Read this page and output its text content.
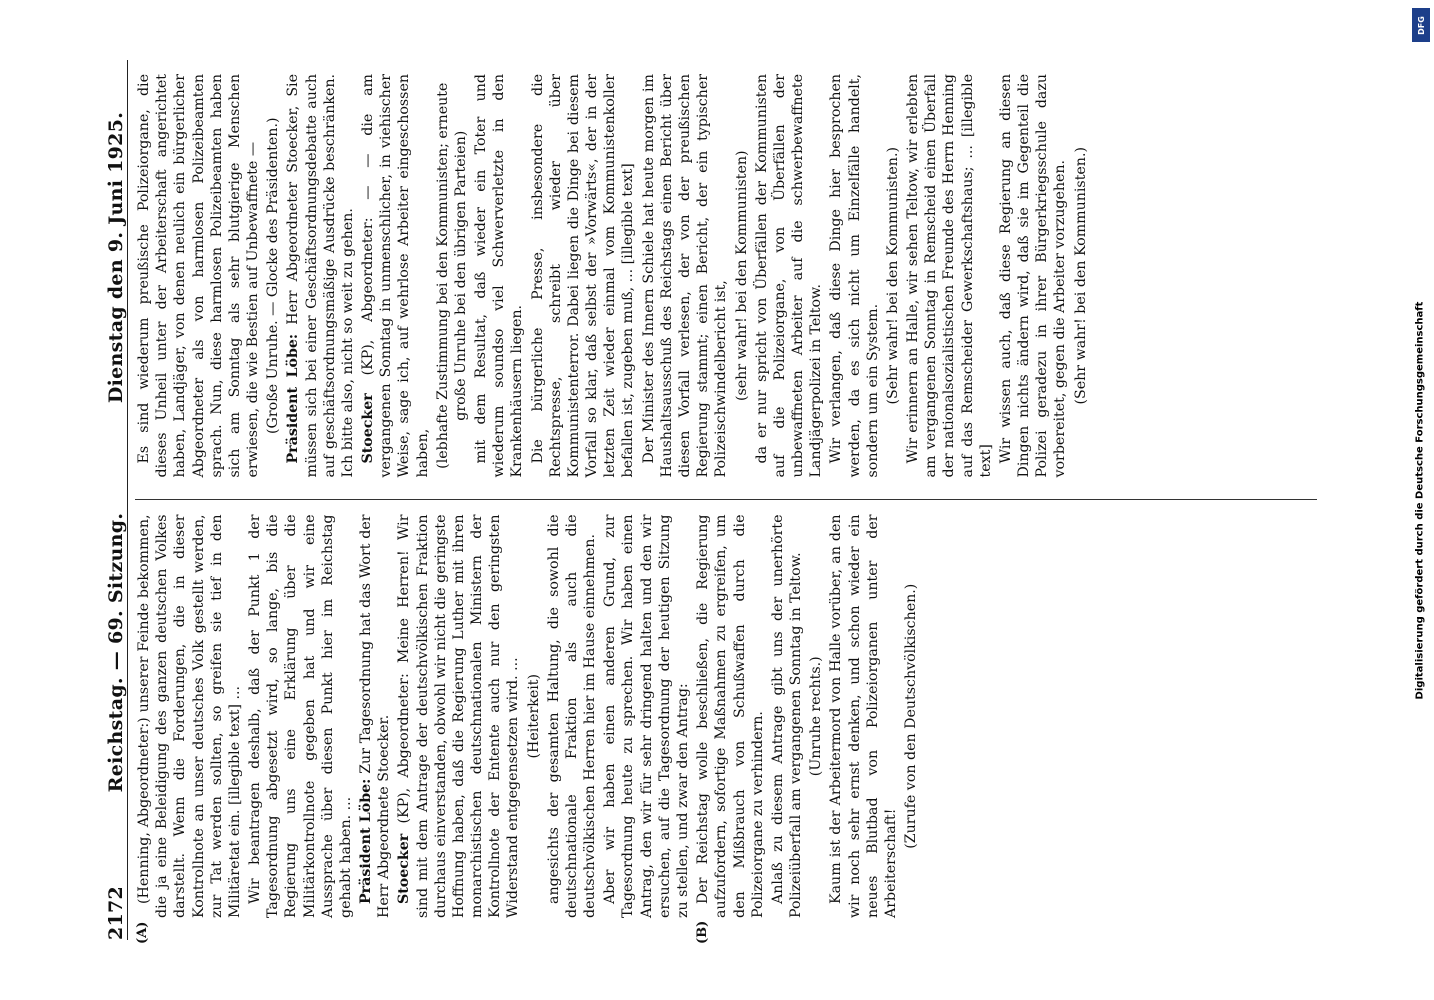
2172
Reichstag. — 69. Sitzung.
Dienstag den 9. Juni 1925.
(A)	(B)

(Henning, Abgeordneter:) unserer Feinde bekommen, die ja eine Beleidigung des ganzen deutschen Volkes darstellt. Wenn die Forderungen, die in dieser Kontrollnote an unser deutsches Volk gestellt werden, zur Tat werden sollten, so greifen sie tief in den Militäretat ein. [illegible text] ... Wir beantragen deshalb, daß der Punkt 1 der Tagesordnung abgesetzt wird, so lange, bis die Regierung uns eine Erklärung über die Militärkontrollnote gegeben hat und wir eine Aussprache über diesen Punkt hier im Reichstag gehabt haben. ... Präsident Löbe: Zur Tagesordnung hat das Wort der Herr Abgeordnete Stoecker. Stoecker (KP), Abgeordneter: Meine Herren! Wir sind mit dem Antrage der deutschvölkischen Fraktion durchaus einverstanden, obwohl wir nicht die geringste Hoffnung haben, daß die Regierung Luther mit ihren monarchistischen deutschnationalen Ministern der Kontrollnote der Entente auch nur den geringsten Widerstand entgegensetzen wird. ... (Heiterkeit) angesichts der gesamten Haltung, die sowohl die deutschnationale Fraktion als auch die deutschvölkischen Herren hier im Hause einnehmen. Aber wir haben einen anderen Grund, zur Tagesordnung heute zu sprechen. Wir haben einen Antrag, den wir für sehr dringend halten und den wir ersuchen, auf die Tagesordnung der heutigen Sitzung zu stellen, und zwar den Antrag: Der Reichstag wolle beschließen, die Regierung aufzufordern, sofortige Maßnahmen zu ergreifen, um den Mißbrauch von Schußwaffen durch die Polizeiorgane zu verhindern. Anlaß zu diesem Antrage gibt uns der unerhörte Polizeiüberfall am vergangenen Sonntag in Teltow. (Unruhe rechts.) Kaum ist der Arbeitermord von Halle vorüber, an den wir noch sehr ernst denken, und schon wieder ein neues Blutbad von Polizeiorganen unter der Arbeiterschaft!

(Zurufe von den Deutschvölkischen.)

Es sind wiederum preußische Polizeiorgane, die dieses Unheil unter der Arbeiterschaft angerichtet haben, Landjäger, von denen neulich ein bürgerlicher Abgeordneter als von harmlosen Polizeibeamten sprach. Nun, diese harmlosen Polizeibeamten haben sich am Sonntag als sehr blutgierige Menschen erwiesen, die wie Bestien auf Unbewaffnete — (Große Unruhe. — Glocke des Präsidenten.) Präsident Löbe: Herr Abgeordneter Stoecker, Sie müssen sich bei einer Geschäftsordnungsdebatte auch auf geschäftsordnungsmäßige Ausdrücke beschränken. Ich bitte also, nicht so weit zu gehen. Stoecker (KP), Abgeordneter: — — die am vergangenen Sonntag in unmenschlicher, in viehischer Weise, sage ich, auf wehrlose Arbeiter eingeschossen haben, (lebhafte Zustimmung bei den Kommunisten; erneute große Unruhe bei den übrigen Parteien) mit dem Resultat, daß wieder ein Toter und wiederum soundso viel Schwerverletzte in den Krankenhäusern liegen. Die bürgerliche Presse, insbesondere die Rechtspresse, schreibt wieder über Kommunistenterror. Dabei liegen die Dinge bei diesem Vorfall so klar, daß selbst der »Vorwärts«, der in der letzten Zeit wieder einmal vom Kommunistenkoller befallen ist, zugeben muß, ... [illegible text] Der Minister des Innern Schiele hat heute morgen im Haushaltsausschuß des Reichstags einen Bericht über diesen Vorfall verlesen, der von der preußischen Regierung stammt; einen Bericht, der ein typischer Polizeischwindelbericht ist, (sehr wahr! bei den Kommunisten) da er nur spricht von Überfällen der Kommunisten auf die Polizeiorgane, von Überfällen der unbewaffneten Arbeiter auf die schwerbewaffnete Landjägerpolizei in Teltow. Wir verlangen, daß diese Dinge hier besprochen werden, da es sich nicht um Einzelfälle handelt, sondern um ein System. (Sehr wahr! bei den Kommunisten.) Wir erinnern an Halle, wir sehen Teltow, wir erlebten am vergangenen Sonntag in Remscheid einen Überfall der nationalsozialistischen Freunde des Herrn Henning auf das Remscheider Gewerkschaftshaus; ... [illegible text] Wir wissen auch, daß diese Regierung an diesen Dingen nichts ändern wird, daß sie im Gegenteil die Polizei geradezu in ihrer Bürgerkriegsschule dazu vorbereitet, gegen die Arbeiter vorzugehen. (Sehr wahr! bei den Kommunisten.)

DFG
Digitalisierung gefördert durch die Deutsche Forschungsgemeinschaft
